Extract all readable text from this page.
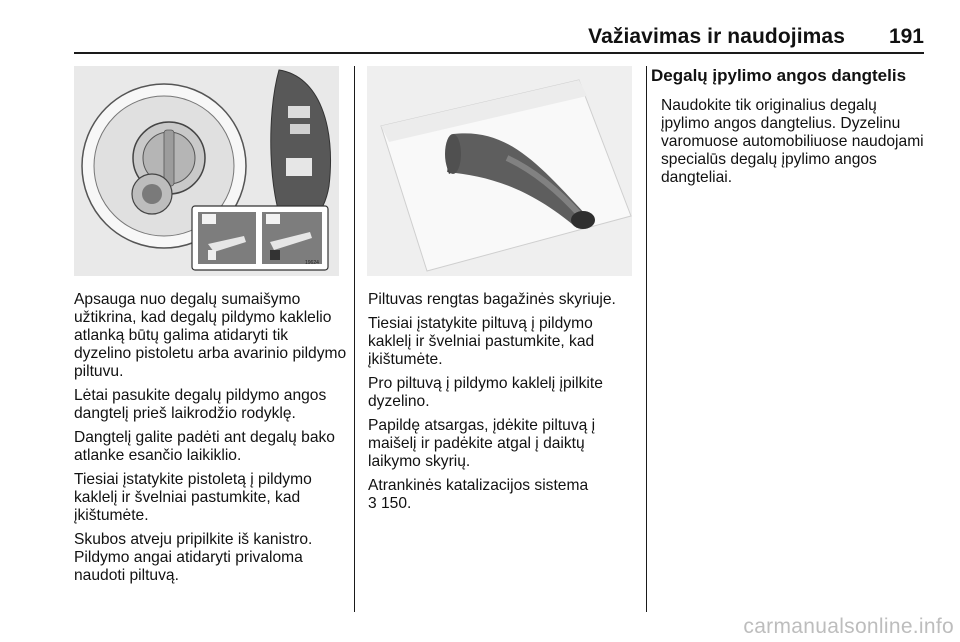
Važiavimas ir naudojimas 191
19624

Apsauga nuo degalų sumaišymo užtikrina, kad degalų pildymo kaklelio atlanką būtų galima atidaryti tik dyzelino pistoletu arba avarinio pildymo piltuvu.

Lėtai pasukite degalų pildymo angos dangtelį prieš laikrodžio rodyklę.

Dangtelį galite padėti ant degalų bako atlanke esančio laikiklio.

Tiesiai įstatykite pistoletą į pildymo kaklelį ir švelniai pastumkite, kad įkištumėte.

Skubos atveju pripilkite iš kanistro. Pildymo angai atidaryti privaloma naudoti piltuvą.

Piltuvas rengtas bagažinės skyriuje.

Tiesiai įstatykite piltuvą į pildymo kaklelį ir švelniai pastumkite, kad įkištumėte.

Pro piltuvą į pildymo kaklelį įpilkite dyzelino.

Papildę atsargas, įdėkite piltuvą į maišelį ir padėkite atgal į daiktų laikymo skyrių.

Atrankinės katalizacijos sistema
3 150.

Degalų įpylimo angos dangtelis

Naudokite tik originalius degalų įpylimo angos dangtelius. Dyzelinu varomuose automobiliuose naudojami specialūs degalų įpylimo angos dangteliai.

carmanualsonline.info
